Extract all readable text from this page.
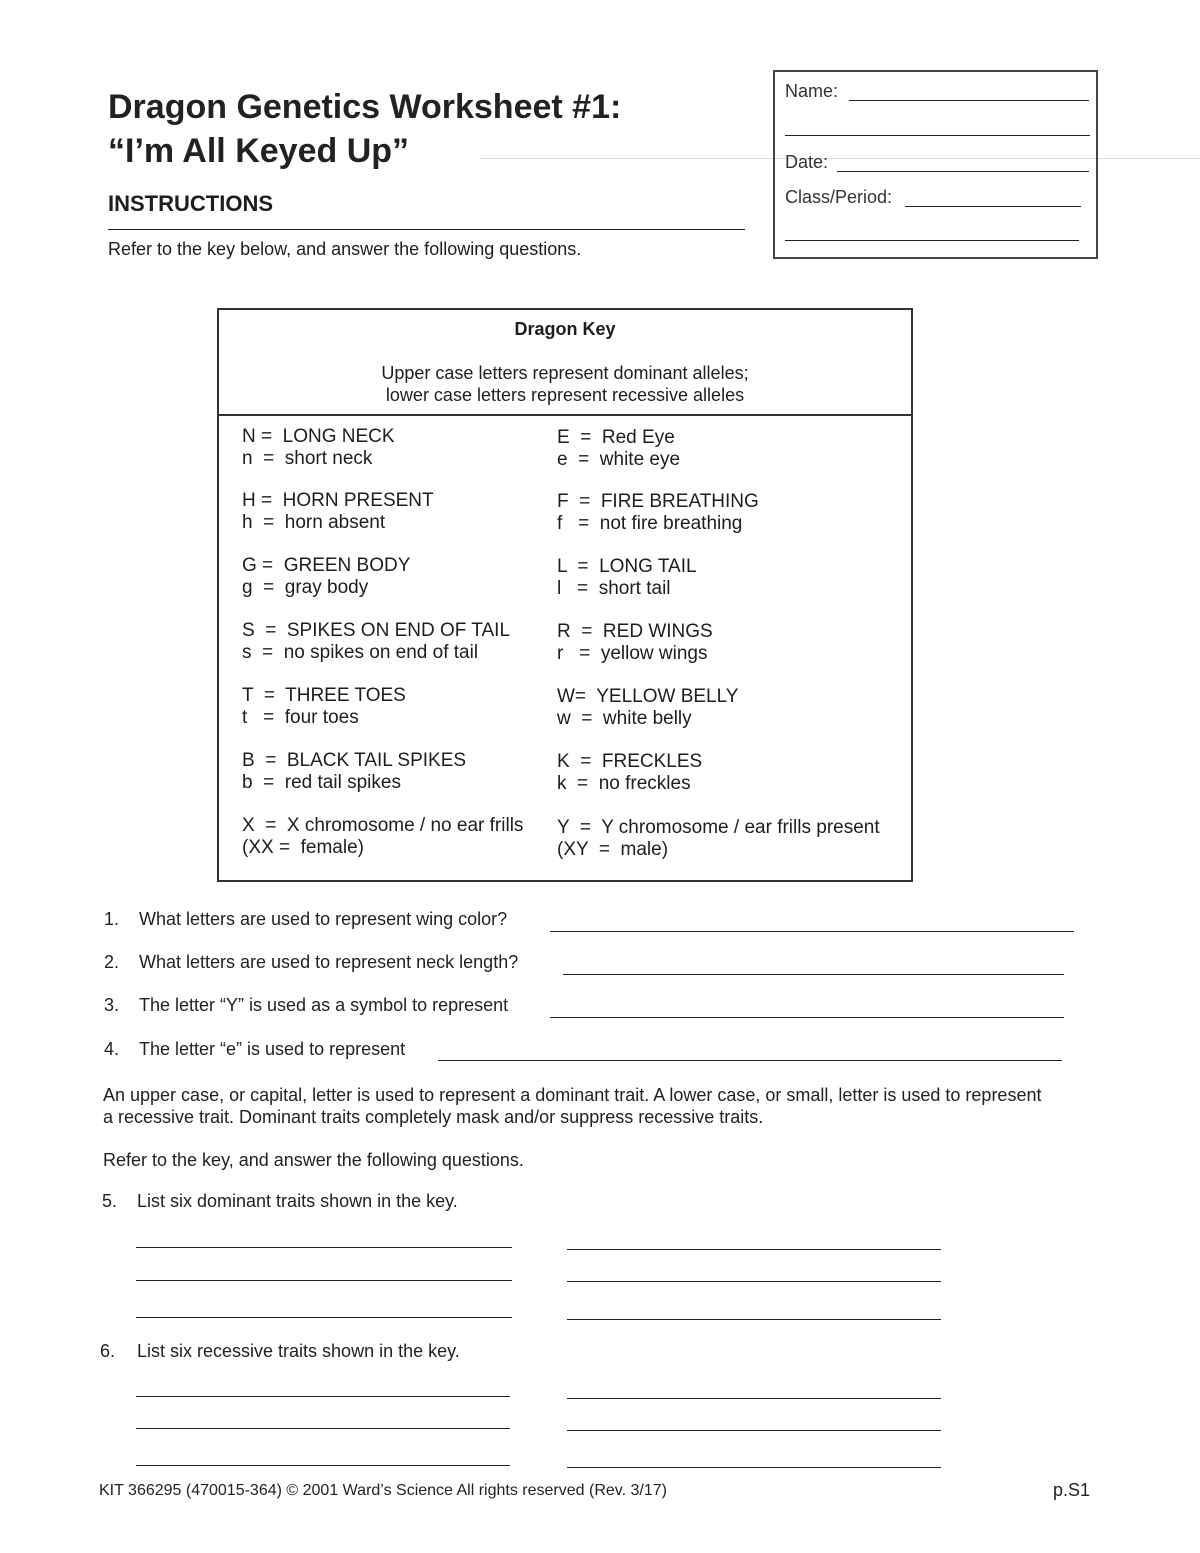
Dragon Genetics Worksheet #1:
“I’m All Keyed Up”
INSTRUCTIONS
Refer to the key below, and answer the following questions.
Name:
Date:
Class/Period:
Dragon Key
Upper case letters represent dominant alleles;
lower case letters represent recessive alleles
N =  LONG NECK
n  =  short neck
H =  HORN PRESENT
h  =  horn absent
G =  GREEN BODY
g  =  gray body
S  =  SPIKES ON END OF TAIL
s  =  no spikes on end of tail
T  =  THREE TOES
t   =  four toes
B  =  BLACK TAIL SPIKES
b  =  red tail spikes
X  =  X chromosome / no ear frills
(XX =  female)
E  =  Red Eye
e  =  white eye
F  =  FIRE BREATHING
f   =  not fire breathing
L  =  LONG TAIL
l   =  short tail
R  =  RED WINGS
r   =  yellow wings
W=  YELLOW BELLY
w  =  white belly
K  =  FRECKLES
k  =  no freckles
Y  =  Y chromosome / ear frills present
(XY  =  male)
1. What letters are used to represent wing color?
2. What letters are used to represent neck length?
3. The letter “Y” is used as a symbol to represent
4. The letter “e” is used to represent
An upper case, or capital, letter is used to represent a dominant trait. A lower case, or small, letter is used to represent a recessive trait. Dominant traits completely mask and/or suppress recessive traits.
Refer to the key, and answer the following questions.
5. List six dominant traits shown in the key.
6. List six recessive traits shown in the key.
KIT 366295 (470015-364) © 2001 Ward’s Science All rights reserved (Rev. 3/17)	p.S1
